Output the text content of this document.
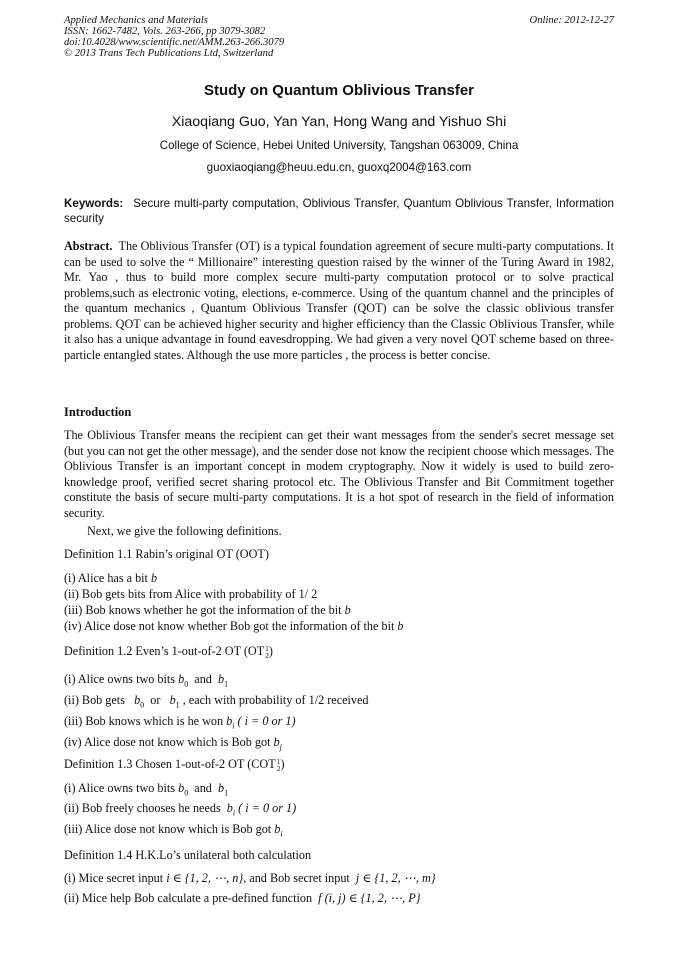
Applied Mechanics and Materials
ISSN: 1662-7482, Vols. 263-266, pp 3079-3082
doi:10.4028/www.scientific.net/AMM.263-266.3079
© 2013 Trans Tech Publications Ltd, Switzerland
Online: 2012-12-27
Study on Quantum Oblivious Transfer
Xiaoqiang Guo, Yan Yan, Hong Wang and Yishuo Shi
College of Science, Hebei United University, Tangshan 063009, China
guoxiaoqiang@heuu.edu.cn, guoxq2004@163.com
Keywords: Secure multi-party computation, Oblivious Transfer, Quantum Oblivious Transfer, Information security
Abstract. The Oblivious Transfer (OT) is a typical foundation agreement of secure multi-party computations. It can be used to solve the “ Millionaire” interesting question raised by the winner of the Turing Award in 1982, Mr. Yao , thus to build more complex secure multi-party computation protocol or to solve practical problems,such as electronic voting, elections, e-commerce. Using of the quantum channel and the principles of the quantum mechanics , Quantum Oblivious Transfer (QOT) can be solve the classic oblivious transfer problems. QOT can be achieved higher security and higher efficiency than the Classic Oblivious Transfer, while it also has a unique advantage in found eavesdropping. We had given a very novel QOT scheme based on three-particle entangled states. Although the use more particles , the process is better concise.
Introduction
The Oblivious Transfer means the recipient can get their want messages from the sender's secret message set (but you can not get the other message), and the sender dose not know the recipient choose which messages. The Oblivious Transfer is an important concept in modem cryptography. Now it widely is used to build zero-knowledge proof, verified secret sharing protocol etc. The Oblivious Transfer and Bit Commitment together constitute the basis of secure multi-party computations. It is a hot spot of research in the field of information security.
Next, we give the following definitions.
Definition 1.1 Rabin’s original OT (OOT)
(i) Alice has a bit b
(ii) Bob gets bits from Alice with probability of 1/ 2
(iii) Bob knows whether he got the information of the bit b
(iv) Alice dose not know whether Bob got the information of the bit b
Definition 1.2 Even’s 1-out-of-2 OT (OT1
2)
(i) Alice owns two bits $b_0$ and $b_1$
(ii) Bob gets $b_0$ or $b_1$ , each with probability of 1/2 received
(iii) Bob knows which is he won $b_i$ ( i = 0 or 1)
(iv) Alice dose not know which is Bob got $b_j$
Definition 1.3 Chosen 1-out-of-2 OT (COT1
2)
(i) Alice owns two bits $b_0$ and $b_1$
(ii) Bob freely chooses he needs $b_i$ ( i = 0 or 1)
(iii) Alice dose not know which is Bob got $b_i$
Definition 1.4 H.K.Lo’s unilateral both calculation
(i) Mice secret input i ∈ {1, 2, ⋯, n}, and Bob secret input j ∈ {1, 2, ⋯, m}
(ii) Mice help Bob calculate a pre-defined function f (i, j) ∈ {1, 2, ⋯, P}
